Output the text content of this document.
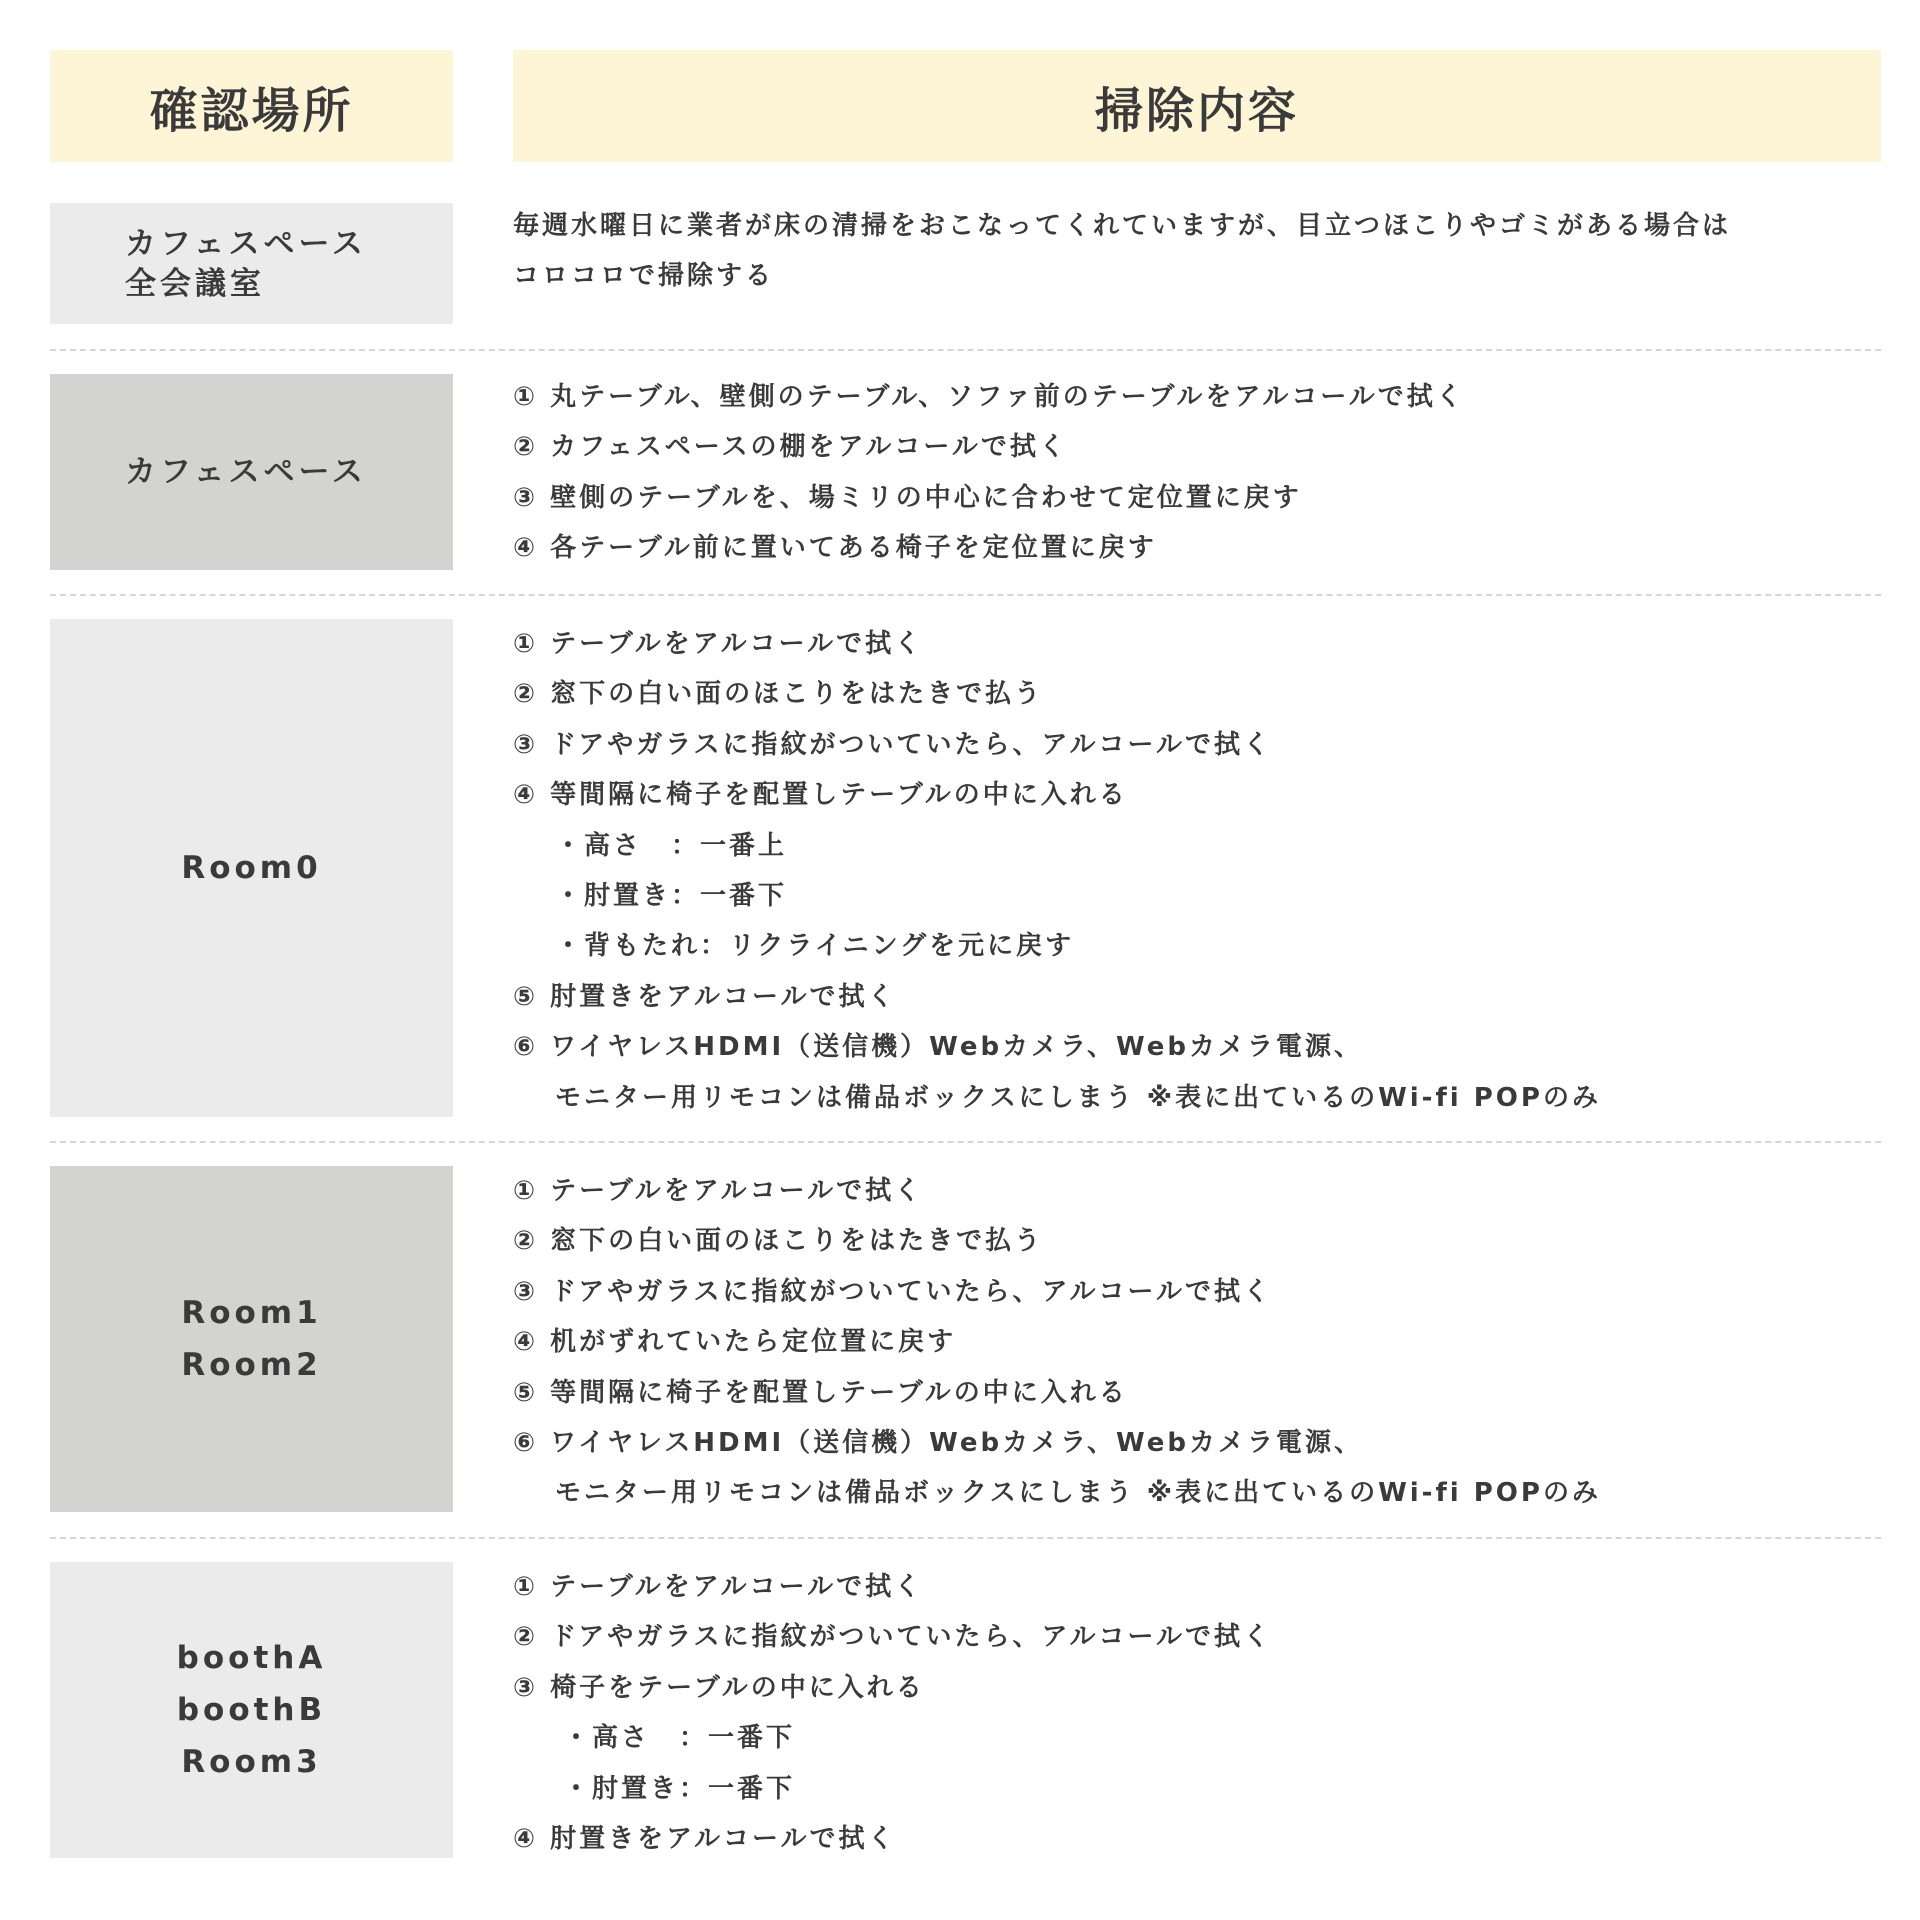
確認場所	掃除内容
カフェスペース
全会議室
毎週水曜日に業者が床の清掃をおこなってくれていますが、目立つほこりやゴミがある場合は
コロコロで掃除する
カフェスペース
① 丸テーブル、壁側のテーブル、ソファ前のテーブルをアルコールで拭く
② カフェスペースの棚をアルコールで拭く
③ 壁側のテーブルを、場ミリの中心に合わせて定位置に戻す
④ 各テーブル前に置いてある椅子を定位置に戻す
Room0
① テーブルをアルコールで拭く
② 窓下の白い面のほこりをはたきで払う
③ ドアやガラスに指紋がついていたら、アルコールで拭く
④ 等間隔に椅子を配置しテーブルの中に入れる
・高さ　：一番上
・肘置き：一番下
・背もたれ：リクライニングを元に戻す
⑤ 肘置きをアルコールで拭く
⑥ ワイヤレスHDMI（送信機）Webカメラ、Webカメラ電源、
モニター用リモコンは備品ボックスにしまう ※表に出ているのWi-fi POPのみ
Room1
Room2
① テーブルをアルコールで拭く
② 窓下の白い面のほこりをはたきで払う
③ ドアやガラスに指紋がついていたら、アルコールで拭く
④ 机がずれていたら定位置に戻す
⑤ 等間隔に椅子を配置しテーブルの中に入れる
⑥ ワイヤレスHDMI（送信機）Webカメラ、Webカメラ電源、
モニター用リモコンは備品ボックスにしまう ※表に出ているのWi-fi POPのみ
boothA
boothB
Room3
① テーブルをアルコールで拭く
② ドアやガラスに指紋がついていたら、アルコールで拭く
③ 椅子をテーブルの中に入れる
・高さ　：一番下
・肘置き：一番下
④ 肘置きをアルコールで拭く
